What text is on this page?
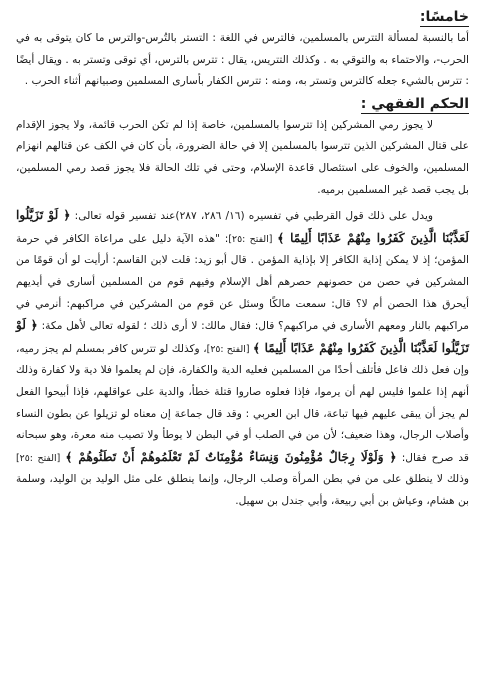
خامسًا:

أما بالنسبة لمسألة التترس بالمسلمين، فالترس في اللغة : التستر بالتُرس-والترس ما كان يتوقى به في الحرب-، والاحتماء به والتوقي به . وكذلك التتريس، يقال : تترس بالترس، أي توقى وتستر به . ويقال أيضًا : تترس بالشيء جعله كالترس وتستر به، ومنه : تترس الكفار بأسارى المسلمين وصبيانهم أثناء الحرب .

الحكم الفقهي :

لا يجوز رمي المشركين إذا تترسوا بالمسلمين، خاصة إذا لم تكن الحرب قائمة، ولا يجوز الإقدام على قتال المشركين الذين تترسوا بالمسلمين إلا في حالة الضرورة، بأن كان في الكف عن قتالهم انهزام المسلمين، والخوف على استئصال قاعدة الإسلام، وحتى في تلك الحالة فلا يجوز قصد رمي المسلمين، بل يجب قصد غير المسلمين برميه.

ويدل على ذلك قول القرطبي في تفسيره (١٦/ ٢٨٦، ٢٨٧)عند تفسير قوله تعالى: ﴿ لَوْ تَزَيَّلُوا لَعَذَّبْنَا الَّذِينَ كَفَرُوا مِنْهُمْ عَذَابًا أَلِيمًا ﴾ [الفتح :٢٥]: "هذه الآية دليل على مراعاة الكافر في حرمة المؤمن؛ إذ لا يمكن إذاية الكافر إلا بإذاية المؤمن . قال أبو زيد: قلت لابن القاسم: أرأيت لو أن قومًا من المشركين في حصن من حصونهم حصرهم أهل الإسلام وفيهم قوم من المسلمين أسارى في أيديهم أيحرق هذا الحصن أم لا؟ قال: سمعت مالكًا وسئل عن قوم من المشركين في مراكبهم: أنرمي في مراكبهم بالنار ومعهم الأسارى في مراكبهم؟ قال: فقال مالك: لا أرى ذلك ؛ لقوله تعالى لأهل مكة: ﴿ لَوْ تَزَيَّلُوا لَعَذَّبْنَا الَّذِينَ كَفَرُوا مِنْهُمْ عَذَابًا أَلِيمًا ﴾ [الفتح :٢٥]، وكذلك لو تترس كافر بمسلم لم يجز رميه، وإن فعل ذلك فاعل فأتلف أحدًا من المسلمين فعليه الدية والكفارة، فإن لم يعلموا فلا دية ولا كفارة وذلك أنهم إذا علموا فليس لهم أن يرموا، فإذا فعلوه صاروا قتلة خطأ، والدية على عواقلهم، فإذا أبيحوا الفعل لم يجز أن يبقى عليهم فيها تباعة، قال ابن العربي : وقد قال جماعة إن معناه لو تزيلوا عن بطون النساء وأصلاب الرجال، وهذا ضعيف؛ لأن من في الصلب أو في البطن لا يوطأ ولا تصيب منه معرة، وهو سبحانه قد صرح فقال: ﴿ وَلَوْلَا رِجَالٌ مُؤْمِنُونَ وَنِسَاءٌ مُؤْمِنَاتٌ لَمْ تَعْلَمُوهُمْ أَنْ تَطَئُوهُمْ ﴾ [الفتح :٢٥] وذلك لا ينطلق على من في بطن المرأة وصلب الرجال، وإنما ينطلق على مثل الوليد بن الوليد، وسلمة بن هشام، وعياش بن أبي ربيعة، وأبي جندل بن سهيل.
